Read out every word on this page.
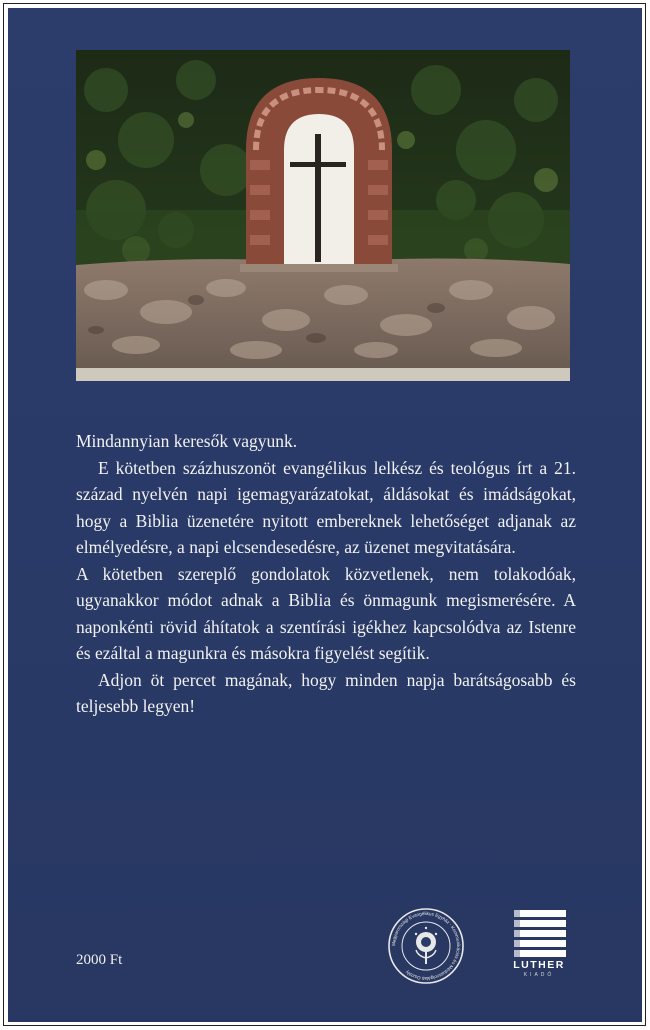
Mindannyian keresők vagyunk.

E kötetben százhuszonöt evangélikus lelkész és teológus írt a 21. század nyelvén napi igemagyarázatokat, áldásokat és imádságokat, hogy a Biblia üzenetére nyitott embereknek lehetőséget adjanak az elmélyedésre, a napi elcsendesedésre, az üzenet megvitatására.

A kötetben szereplő gondolatok közvetlenek, nem tolakodóak, ugyanakkor módot adnak a Biblia és önmagunk megismerésére. A naponkénti rövid áhítatok a szentírási igékhez kapcsolódva az Istenre és ezáltal a magunkra és másokra figyelést segítik.

Adjon öt percet magának, hogy minden napja barátságosabb és teljesebb legyen!

2000 Ft
Magyarországi Evangélikus Egyház · Kommunikációs és Médiaiszolgálati Osztály
LUTHER
KIADÓ
